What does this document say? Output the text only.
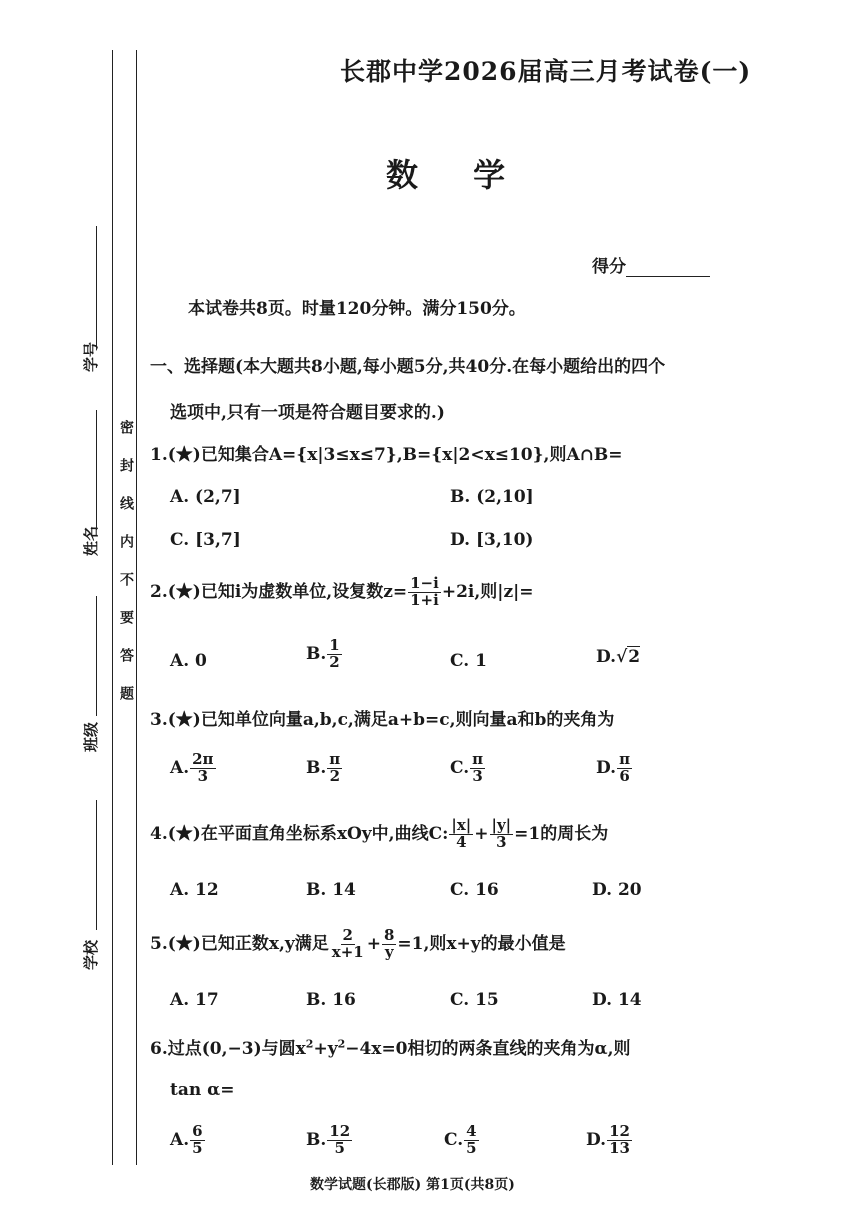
学号
姓名
班级
学校
密封线内不要答题
长郡中学2026届高三月考试卷(一)
数 学
得分
本试卷共8页。时量120分钟。满分150分。
一、选择题(本大题共8小题,每小题5分,共40分.在每小题给出的四个
选项中,只有一项是符合题目要求的.)
1.(★)已知集合A={x|3≤x≤7},B={x|2<x≤10},则A∩B=
A. (2,7]	B. (2,10]
C. [3,7]	D. [3,10)
2.(★)已知i为虚数单位,设复数$z= \frac{1-i}{1+i} +2i$,则|z|=
A. 0	B. $\frac{1}{2}$	C. 1	D.√2
3.(★)已知单位向量a,b,c,满足a+b=c,则向量a和b的夹角为
A. $\frac{2\pi}{3}$	B. $\frac{\pi}{2}$	C. $\frac{\pi}{3}$	D. $\frac{\pi}{6}$
4.(★)在平面直角坐标系xOy中,曲线C: $\frac{|x|}{4} + \frac{|y|}{3} =1$的周长为
A. 12	B. 14	C. 16	D. 20
5.(★)已知正数x,y满足 $\frac{2}{x+1} + \frac{8}{y} =1$,则x+y的最小值是
A. 17	B. 16	C. 15	D. 14
6.过点(0,−3)与圆$x^2+y^2-4x=0$相切的两条直线的夹角为α,则
tan α=
A. $\frac{6}{5}$	B. $\frac{12}{5}$	C. $\frac{4}{5}$	D. $\frac{12}{13}$
数学试题(长郡版) 第1页(共8页)
